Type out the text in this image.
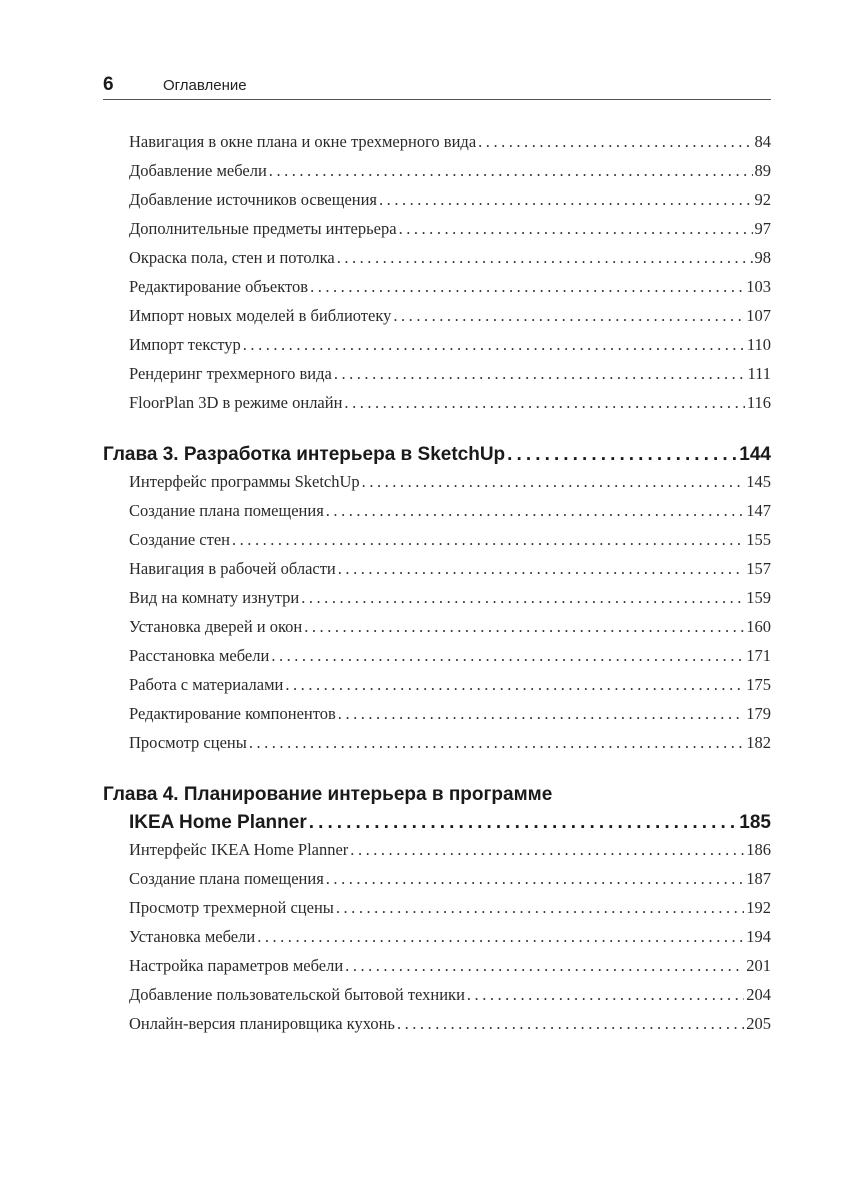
6	Оглавление
Навигация в окне плана и окне трехмерного вида . . .	84
Добавление мебели . . .	89
Добавление источников освещения . . .	92
Дополнительные предметы интерьера . . .	97
Окраска пола, стен и потолка . . .	98
Редактирование объектов . . .	103
Импорт новых моделей в библиотеку . . .	107
Импорт текстур . . .	110
Рендеринг трехмерного вида . . .	111
FloorPlan 3D в режиме онлайн . . .	116
Глава 3. Разработка интерьера в SketchUp . . .	144
Интерфейс программы SketchUp . . .	145
Создание плана помещения . . .	147
Создание стен . . .	155
Навигация в рабочей области . . .	157
Вид на комнату изнутри . . .	159
Установка дверей и окон . . .	160
Расстановка мебели . . .	171
Работа с материалами . . .	175
Редактирование компонентов . . .	179
Просмотр сцены . . .	182
Глава 4. Планирование интерьера в программе
IKEA Home Planner . . .	185
Интерфейс IKEA Home Planner . . .	186
Создание плана помещения . . .	187
Просмотр трехмерной сцены . . .	192
Установка мебели . . .	194
Настройка параметров мебели . . .	201
Добавление пользовательской бытовой техники . . .	204
Онлайн-версия планировщика кухонь . . .	205
